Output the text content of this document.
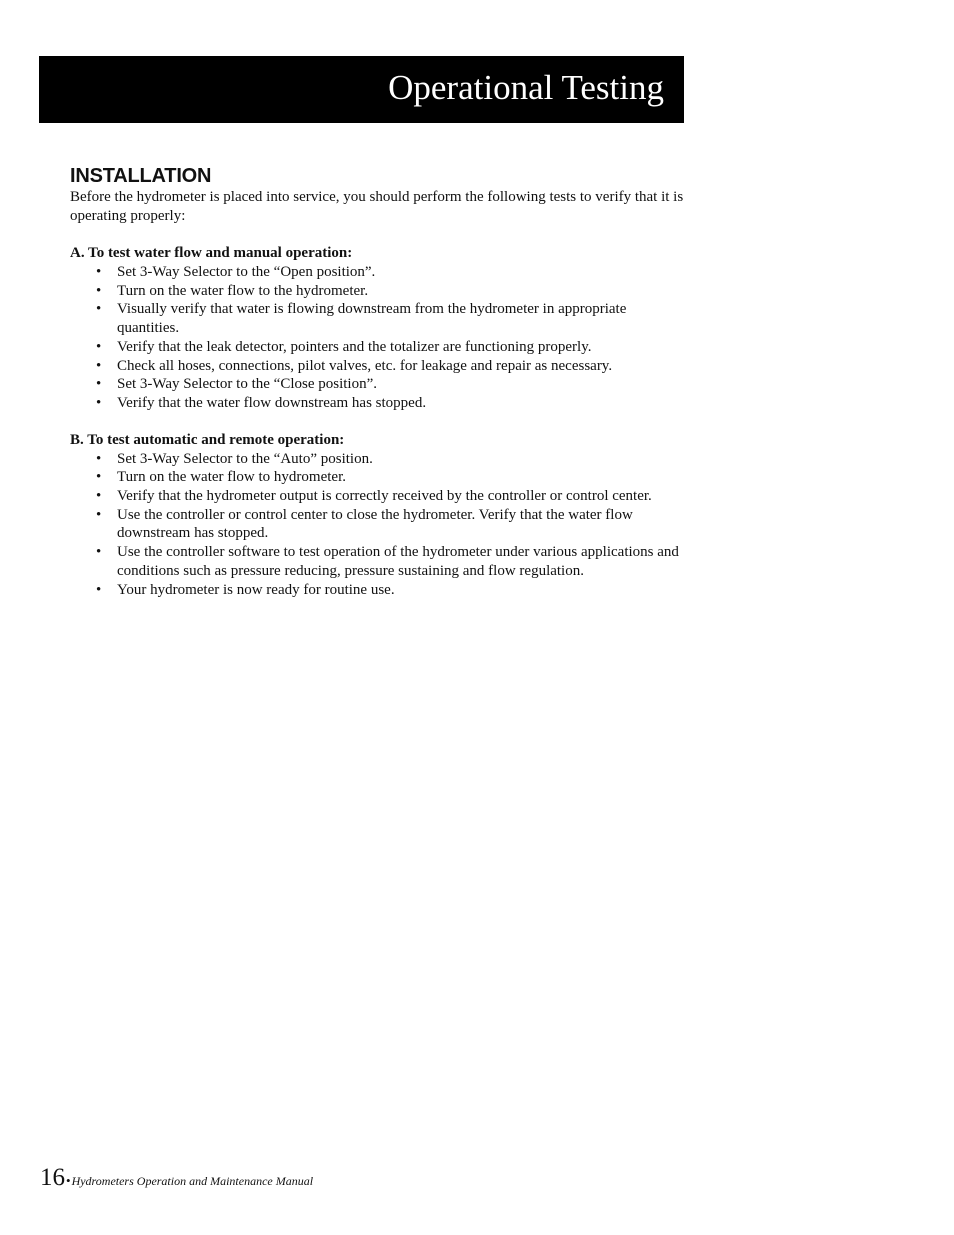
Operational Testing
INSTALLATION

Before the hydrometer is placed into service, you should perform the following tests to verify that it is operating properly:

A. To test water flow and manual operation:

• Set 3-Way Selector to the “Open position”.
• Turn on the water flow to the hydrometer.
• Visually verify that water is flowing downstream from the hydrometer in appropriate quantities.
• Verify that the leak detector, pointers and the totalizer are functioning properly.
• Check all hoses, connections, pilot valves, etc. for leakage and repair as necessary.
• Set 3-Way Selector to the “Close position”.
• Verify that the water flow downstream has stopped.

B. To test automatic and remote operation:

• Set 3-Way Selector to the “Auto” position.
• Turn on the water flow to hydrometer.
• Verify that the hydrometer output is correctly received by the controller or control center.
• Use the controller or control center to close the hydrometer. Verify that the water flow downstream has stopped.
• Use the controller software to test operation of the hydrometer under various applications and conditions such as pressure reducing, pressure sustaining and flow regulation.
• Your hydrometer is now ready for routine use.
16•Hydrometers Operation and Maintenance Manual
